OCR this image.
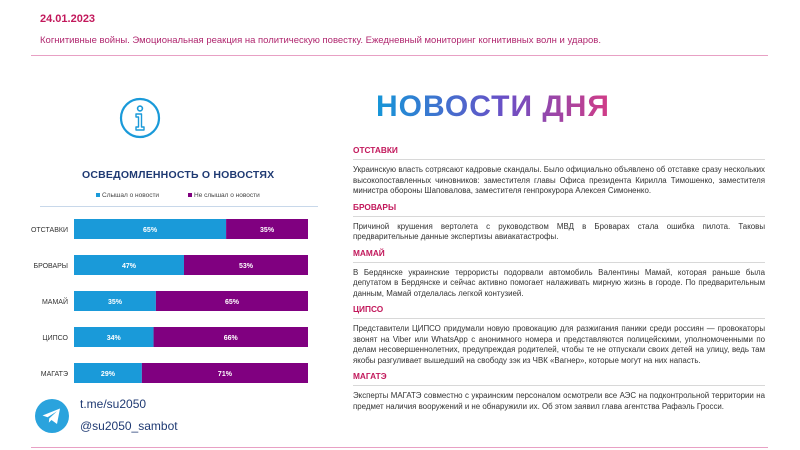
24.01.2023
Когнитивные войны. Эмоциональная реакция на политическую повестку. Ежедневный мониторинг когнитивных волн и ударов.
ОСВЕДОМЛЕННОСТЬ О НОВОСТЯХ
Слышал о новости	Не слышал о новости
ОТСТАВКИ	65%	35%
БРОВАРЫ	47%	53%
МАМАЙ	35%	65%
ЦИПСО	34%	66%
МАГАТЭ	29%	71%
НОВОСТИ ДНЯ
ОТСТАВКИ

Украинскую власть сотрясают кадровые скандалы. Было официально объявлено об отставке сразу нескольких высокопоставленных чиновников: заместителя главы Офиса президента Кирилла Тимошенко, заместителя министра обороны Шаповалова, заместителя генпрокурора Алексея Симоненко.

БРОВАРЫ

Причиной крушения вертолета с руководством МВД в Броварах стала ошибка пилота. Таковы предварительные данные экспертизы авиакатастрофы.

МАМАЙ

В Бердянске украинские террористы подорвали автомобиль Валентины Мамай, которая раньше была депутатом в Бердянске и сейчас активно помогает налаживать мирную жизнь в городе. По предварительным данным, Мамай отделалась легкой контузией.

ЦИПСО

Представители ЦИПСО придумали новую провокацию для разжигания паники среди россиян — провокаторы звонят на Viber или WhatsApp с анонимного номера и представляются полицейскими, уполномоченными по делам несовершеннолетних, предупреждая родителей, чтобы те не отпускали своих детей на улицу, ведь там якобы разгуливает вышедший на свободу зэк из ЧВК «Вагнер», которые могут на них напасть.

МАГАТЭ

Эксперты МАГАТЭ совместно с украинским персоналом осмотрели все АЭС на подконтрольной территории на предмет наличия вооружений и не обнаружили их. Об этом заявил глава агентства Рафаэль Гросси.

t.me/su2050
@su2050_sambot
